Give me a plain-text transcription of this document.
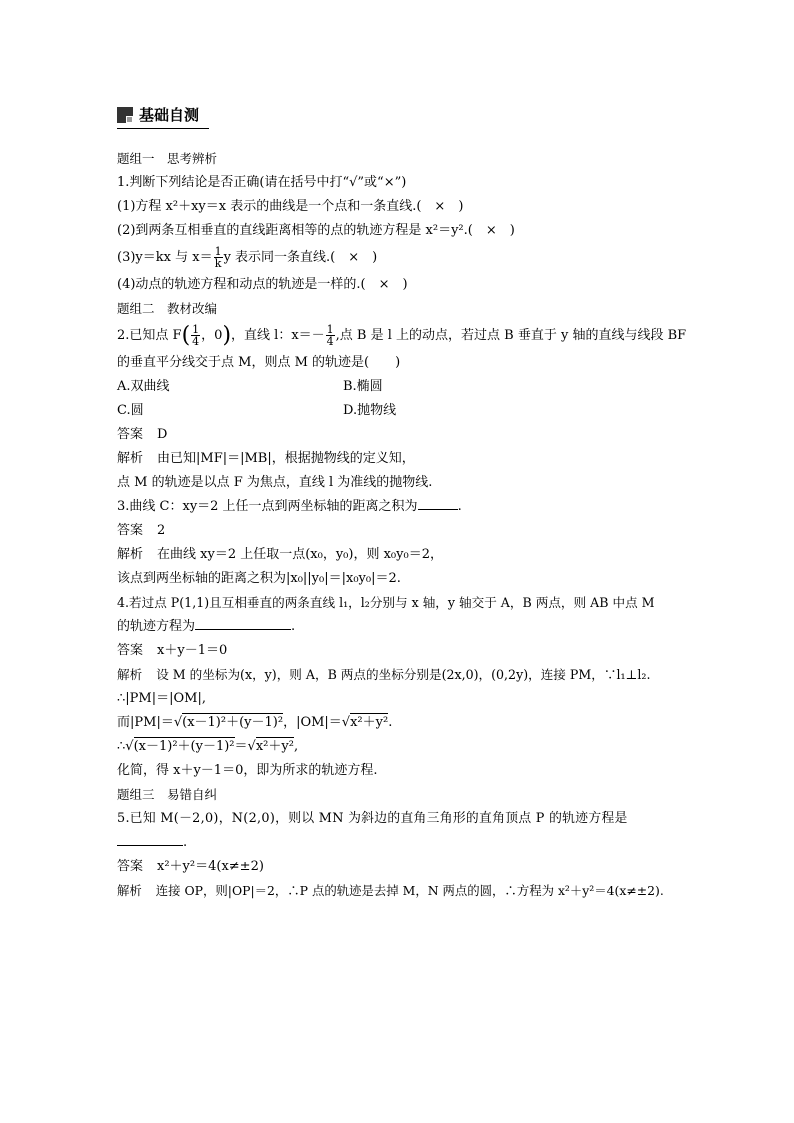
基础自测
题组一　思考辨析
1.判断下列结论是否正确(请在括号中打“√”或“×”)
(1)方程 x²＋xy＝x 表示的曲线是一个点和一条直线.(　×　)
(2)到两条互相垂直的直线距离相等的点的轨迹方程是 x²＝y².(　×　)
(3)y＝kx 与 $x= \frac{1}{k}$ y 表示同一条直线.(　×　)
(4)动点的轨迹方程和动点的轨迹是一样的.(　×　)
题组二　教材改编
2.已知点 $F( \frac{1}{4}$ ，0)，直线 l：$x=- \frac{1}{4}$ ,点 B 是 l 上的动点，若过点 B 垂直于 y 轴的直线与线段 BF
的垂直平分线交于点 M，则点 M 的轨迹是(　　)
A.双曲线	B.椭圆
C.圆	D.抛物线
答案 D
解析 由已知|MF|＝|MB|，根据抛物线的定义知，
点 M 的轨迹是以点 F 为焦点，直线 l 为准线的抛物线.
3.曲线 C：xy＝2 上任一点到两坐标轴的距离之积为	.
答案 2
解析 在曲线 xy＝2 上任取一点(x₀，y₀)，则 x₀y₀＝2，
该点到两坐标轴的距离之积为|x₀||y₀|＝|x₀y₀|＝2.
4.若过点 P(1,1)且互相垂直的两条直线 l₁，l₂分别与 x 轴，y 轴交于 A，B 两点，则 AB 中点 M
的轨迹方程为	.
答案 x＋y－1＝0
解析 设 M 的坐标为(x，y)，则 A，B 两点的坐标分别是(2x,0)，(0,2y)，连接 PM，∵l₁⊥l₂.
∴|PM|＝|OM|,
而|PM|＝√(x－1)²＋(y－1)²，|OM|＝√x²＋y².
∴√(x－1)²＋(y－1)²＝√x²＋y²,
化简，得 x＋y－1＝0，即为所求的轨迹方程.
题组三　易错自纠
5.已知 M(－2,0)，N(2,0)，则以 MN 为斜边的直角三角形的直角顶点 P 的轨迹方程是
.
答案 x²＋y²＝4(x≠±2)
解析 连接 OP，则|OP|＝2，∴P 点的轨迹是去掉 M，N 两点的圆，∴方程为 x²＋y²＝4(x≠±2).
